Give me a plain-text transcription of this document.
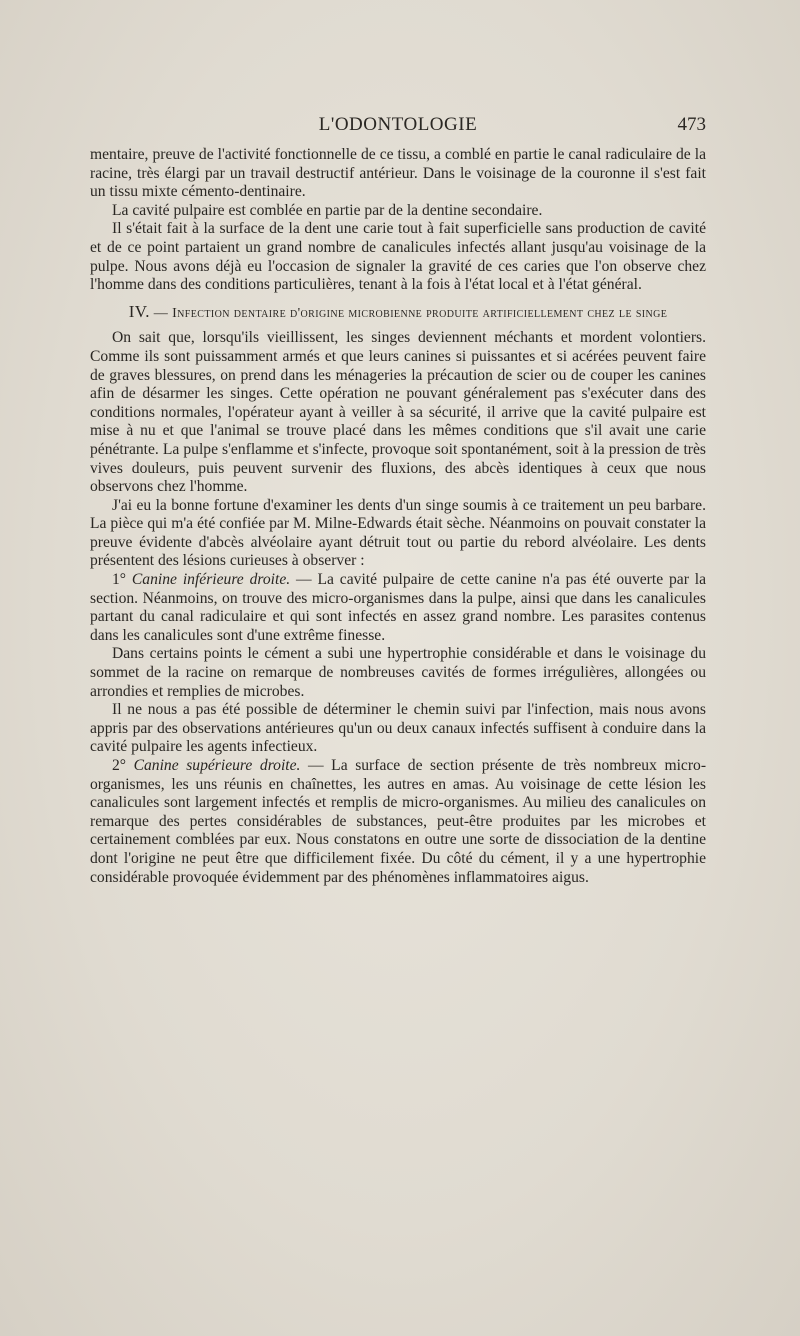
L'ODONTOLOGIE	473

mentaire, preuve de l'activité fonctionnelle de ce tissu, a comblé en partie le canal radiculaire de la racine, très élargi par un travail destructif antérieur. Dans le voisinage de la couronne il s'est fait un tissu mixte cémento-dentinaire.

La cavité pulpaire est comblée en partie par de la dentine secondaire.

Il s'était fait à la surface de la dent une carie tout à fait superficielle sans production de cavité et de ce point partaient un grand nombre de canalicules infectés allant jusqu'au voisinage de la pulpe. Nous avons déjà eu l'occasion de signaler la gravité de ces caries que l'on observe chez l'homme dans des conditions particulières, tenant à la fois à l'état local et à l'état général.

IV. — Infection dentaire d'origine microbienne produite artificiellement chez le singe

On sait que, lorsqu'ils vieillissent, les singes deviennent méchants et mordent volontiers. Comme ils sont puissamment armés et que leurs canines si puissantes et si acérées peuvent faire de graves blessures, on prend dans les ménageries la précaution de scier ou de couper les canines afin de désarmer les singes. Cette opération ne pouvant généralement pas s'exécuter dans des conditions normales, l'opérateur ayant à veiller à sa sécurité, il arrive que la cavité pulpaire est mise à nu et que l'animal se trouve placé dans les mêmes conditions que s'il avait une carie pénétrante. La pulpe s'enflamme et s'infecte, provoque soit spontanément, soit à la pression de très vives douleurs, puis peuvent survenir des fluxions, des abcès identiques à ceux que nous observons chez l'homme.

J'ai eu la bonne fortune d'examiner les dents d'un singe soumis à ce traitement un peu barbare. La pièce qui m'a été confiée par M. Milne-Edwards était sèche. Néanmoins on pouvait constater la preuve évidente d'abcès alvéolaire ayant détruit tout ou partie du rebord alvéolaire. Les dents présentent des lésions curieuses à observer :

1° Canine inférieure droite. — La cavité pulpaire de cette canine n'a pas été ouverte par la section. Néanmoins, on trouve des micro-organismes dans la pulpe, ainsi que dans les canalicules partant du canal radiculaire et qui sont infectés en assez grand nombre. Les parasites contenus dans les canalicules sont d'une extrême finesse.

Dans certains points le cément a subi une hypertrophie considérable et dans le voisinage du sommet de la racine on remarque de nombreuses cavités de formes irrégulières, allongées ou arrondies et remplies de microbes.

Il ne nous a pas été possible de déterminer le chemin suivi par l'infection, mais nous avons appris par des observations antérieures qu'un ou deux canaux infectés suffisent à conduire dans la cavité pulpaire les agents infectieux.

2° Canine supérieure droite. — La surface de section présente de très nombreux micro-organismes, les uns réunis en chaînettes, les autres en amas. Au voisinage de cette lésion les canalicules sont largement infectés et remplis de micro-organismes. Au milieu des canalicules on remarque des pertes considérables de substances, peut-être produites par les microbes et certainement comblées par eux. Nous constatons en outre une sorte de dissociation de la dentine dont l'origine ne peut être que difficilement fixée. Du côté du cément, il y a une hypertrophie considérable provoquée évidemment par des phénomènes inflammatoires aigus.
